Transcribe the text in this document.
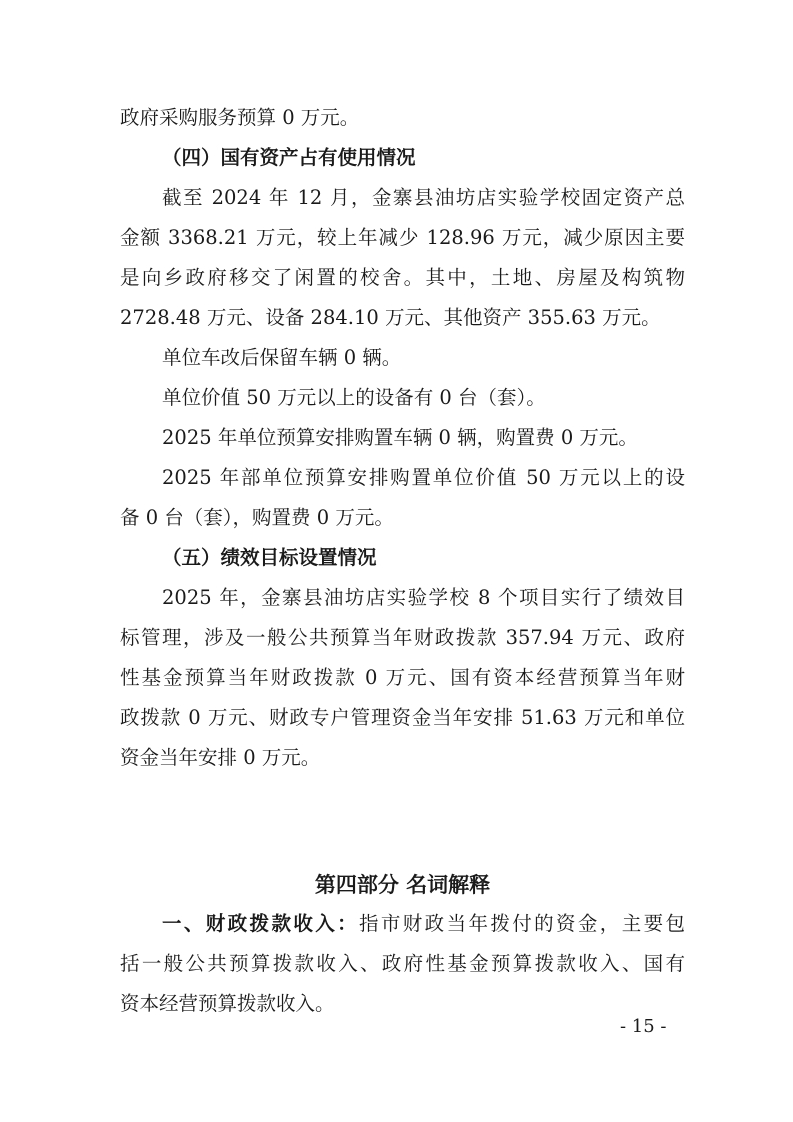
政府采购服务预算 0 万元。
（四）国有资产占有使用情况
截至 2024 年 12 月，金寨县油坊店实验学校固定资产总
金额 3368.21 万元，较上年减少 128.96 万元，减少原因主要
是向乡政府移交了闲置的校舍。其中，土地、房屋及构筑物
2728.48 万元、设备 284.10 万元、其他资产 355.63 万元。
单位车改后保留车辆 0 辆。
单位价值 50 万元以上的设备有 0 台（套）。
2025 年单位预算安排购置车辆 0 辆，购置费 0 万元。
2025 年部单位预算安排购置单位价值 50 万元以上的设
备 0 台（套），购置费 0 万元。
（五）绩效目标设置情况
2025 年，金寨县油坊店实验学校 8 个项目实行了绩效目
标管理，涉及一般公共预算当年财政拨款 357.94 万元、政府
性基金预算当年财政拨款 0 万元、国有资本经营预算当年财
政拨款 0 万元、财政专户管理资金当年安排 51.63 万元和单位
资金当年安排 0 万元。
第四部分 名词解释
一、财政拨款收入：指市财政当年拨付的资金，主要包
括一般公共预算拨款收入、政府性基金预算拨款收入、国有
资本经营预算拨款收入。
- 15 -
